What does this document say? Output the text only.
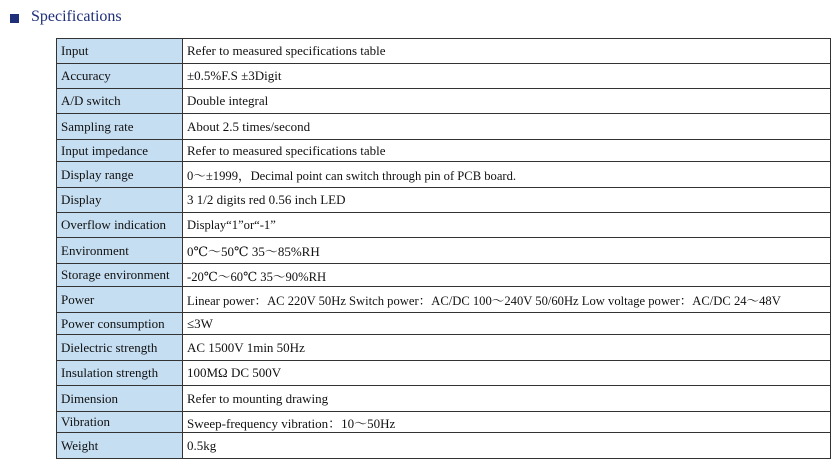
Specifications
Input	Refer to measured specifications table
Accuracy	±0.5%F.S ±3Digit
A/D switch	Double integral
Sampling rate	About 2.5 times/second
Input impedance	Refer to measured specifications table
Display range	0～±1999，Decimal point can switch through pin of PCB board.
Display	3 1/2 digits red 0.56 inch LED
Overflow indication	Display“1”or“-1”
Environment	0℃～50℃ 35～85%RH
Storage environment	-20℃～60℃ 35～90%RH
Power	Linear power：AC 220V 50Hz Switch power：AC/DC 100～240V 50/60Hz Low voltage power：AC/DC 24～48V
Power consumption	≤3W
Dielectric strength	AC 1500V 1min 50Hz
Insulation strength	100MΩ DC 500V
Dimension	Refer to mounting drawing
Vibration	Sweep-frequency vibration：10～50Hz
Weight	0.5kg
